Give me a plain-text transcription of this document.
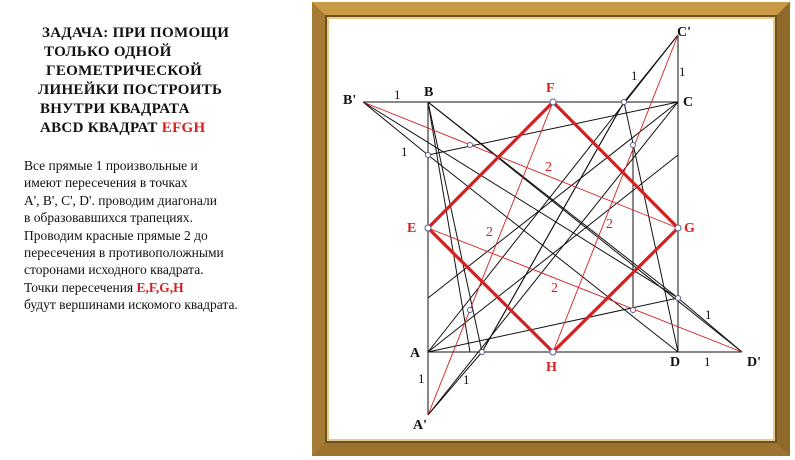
ЗАДАЧА: ПРИ ПОМОЩИ
ТОЛЬКО ОДНОЙ
ГЕОМЕТРИЧЕСКОЙ
ЛИНЕЙКИ ПОСТРОИТЬ
ВНУТРИ КВАДРАТА
ABCD КВАДРАТ EFGH
Все прямые 1 произвольные и
имеют пересечения в точках
A', B', C', D'. проводим диагонали
в образовавшихся трапециях.
Проводим красные прямые 2 до
пересечения в противоположными
сторонами исходного квадрата.
Точки пересечения E,F,G,H
будут вершинами искомого квадрата.
B
C
A
D
B'
C'
D'
A'
F
G
H
E
1
1
1	1
1
1
1	1
2
2
2
2
